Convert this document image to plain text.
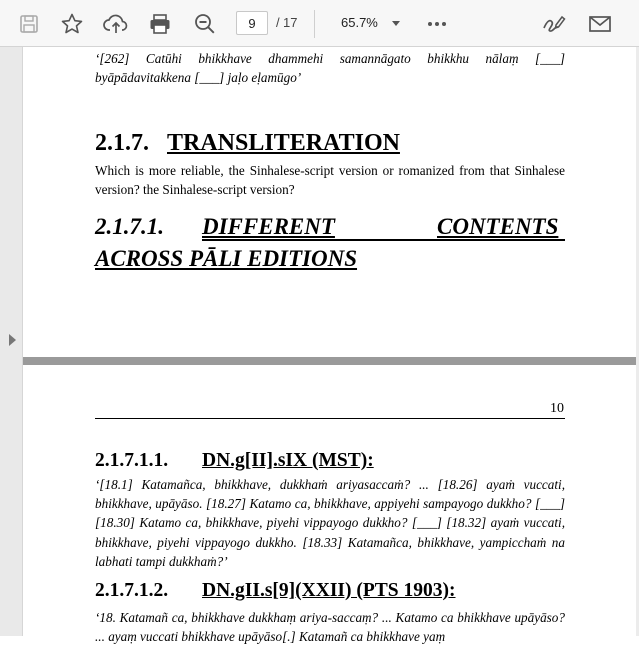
9	/ 17	65.7%
‘[262] Catūhi bhikkhave dhammehi samannāgato bhikkhu nālaṃ [___] byāpādavitakkena [___] jaḷo eḷamūgo’
2.1.7. TRANSLITERATION
Which is more reliable, the Sinhalese-script version or romanized from that Sinhalese version? the Sinhalese-script version?
2.1.7.1. DIFFERENT	CONTENTS
ACROSS PĀLI EDITIONS
10
2.1.7.1.1. DN.g[II].sIX (MST):
‘[18.1] Katamañca, bhikkhave, dukkhaṁ ariyasaccaṁ? ... [18.26] ayaṁ vuccati, bhikkhave, upāyāso. [18.27] Katamo ca, bhikkhave, appiyehi sampayogo dukkho? [___] [18.30] Katamo ca, bhikkhave, piyehi vippayogo dukkho? [___] [18.32] ayaṁ vuccati, bhikkhave, piyehi vippayogo dukkho. [18.33] Katamañca, bhikkhave, yampicchaṁ na labhati tampi dukkhaṁ?’
2.1.7.1.2. DN.gII.s[9](XXII) (PTS 1903):
‘18. Katamañ ca, bhikkhave dukkhaṃ ariya-saccaṃ? ... Katamo ca bhikkhave upāyāso? ... ayaṃ vuccati bhikkhave upāyāso[.] Katamañ ca bhikkhave yaṃ
